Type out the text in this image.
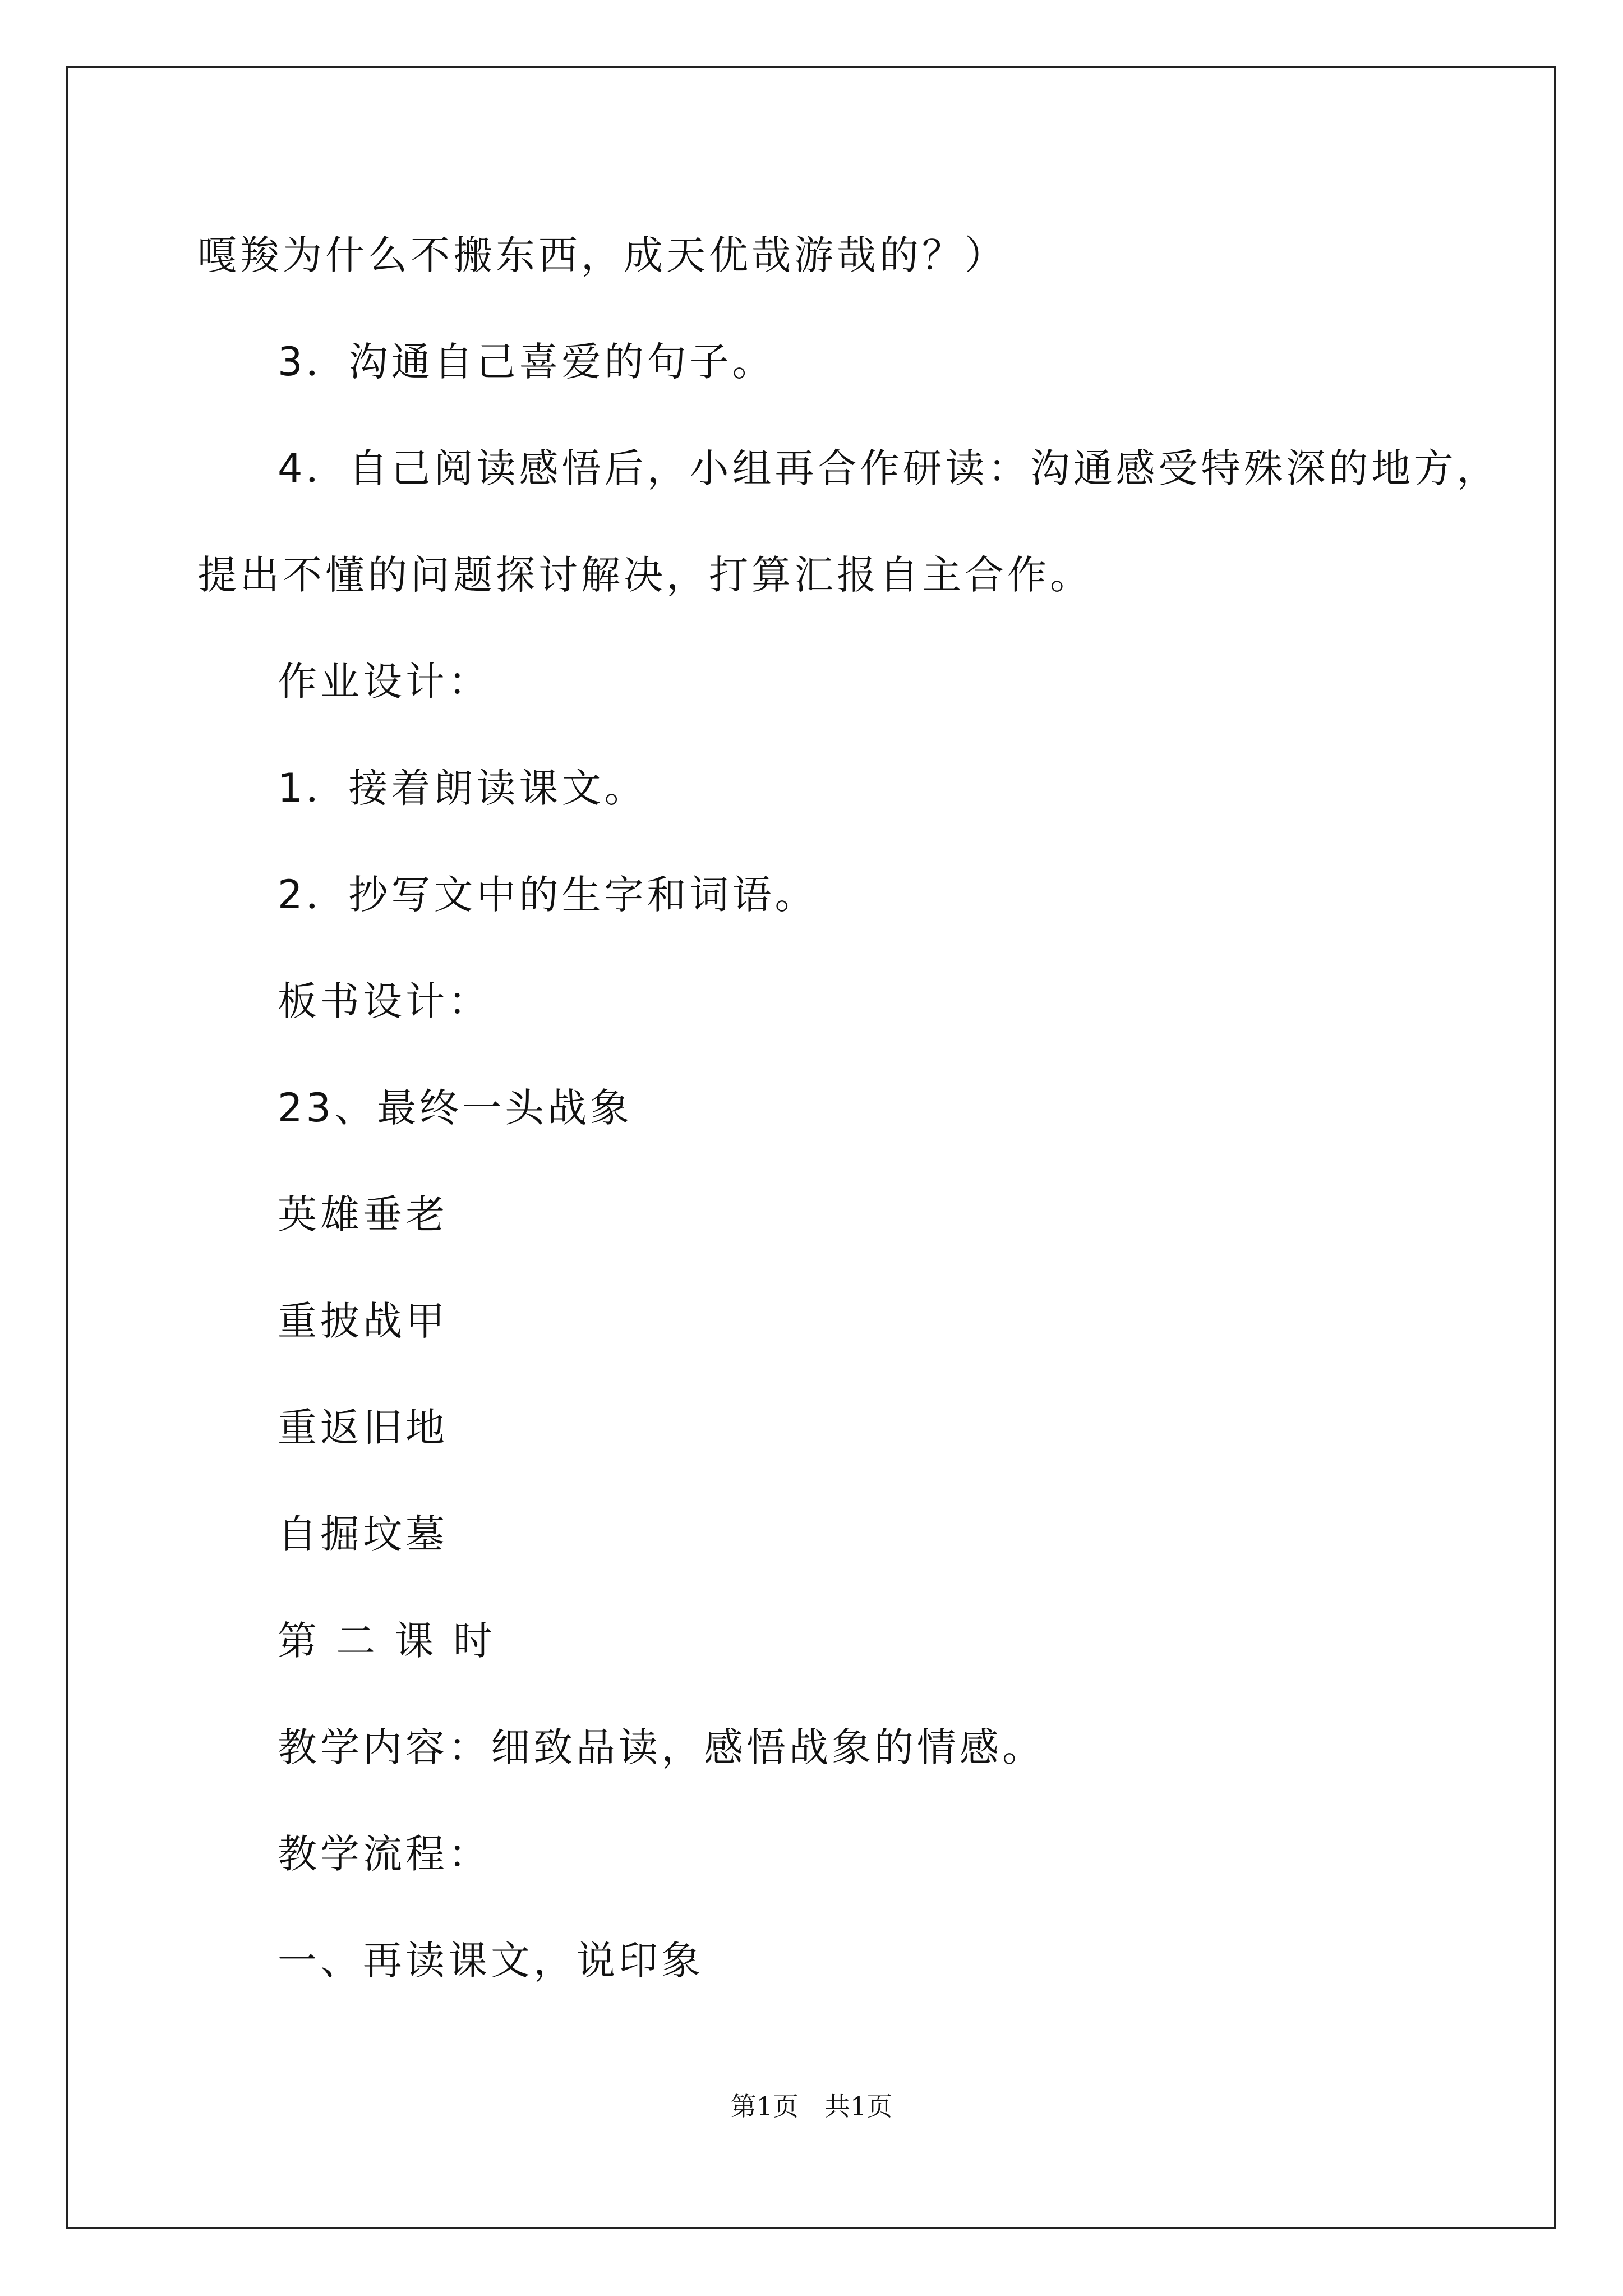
嘎羧为什么不搬东西，成天优哉游哉的？）
3．沟通自己喜爱的句子。
4．自己阅读感悟后，小组再合作研读：沟通感受特殊深的地方，
提出不懂的问题探讨解决，打算汇报自主合作。
作业设计：
1．接着朗读课文。
2．抄写文中的生字和词语。
板书设计：
23、最终一头战象
英雄垂老
重披战甲
重返旧地
自掘坟墓
第 二 课 时
教学内容：细致品读，感悟战象的情感。
教学流程：
一、再读课文，说印象
第1页　共1页
